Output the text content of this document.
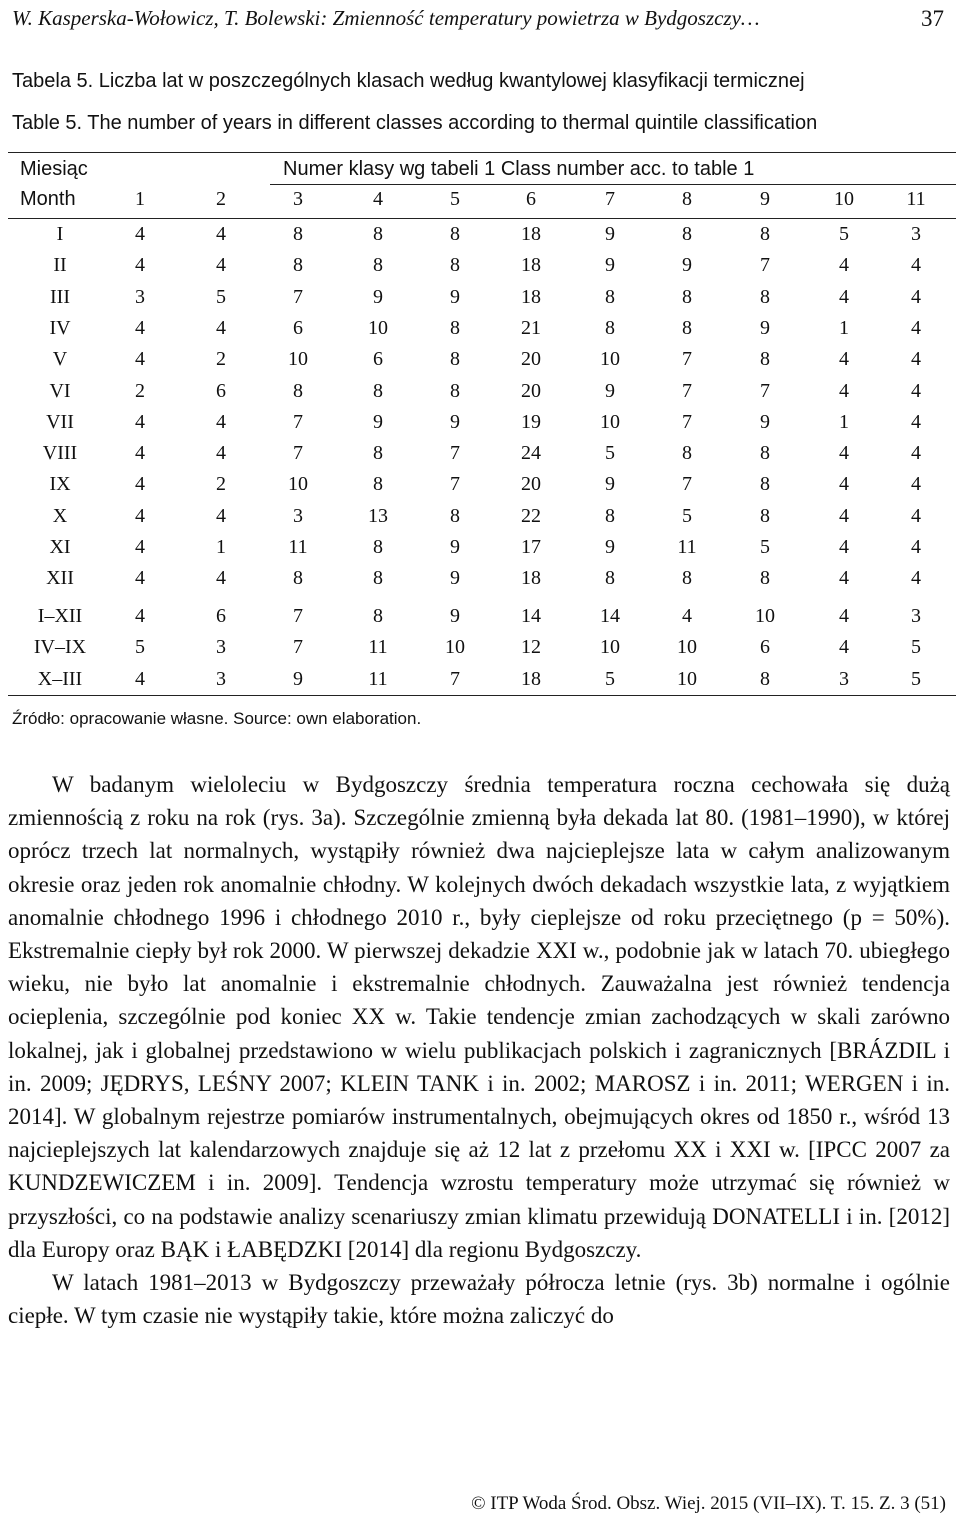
W. Kasperska-Wołowicz, T. Bolewski: Zmienność temperatury powietrza w Bydgoszczy…	37
Tabela 5. Liczba lat w poszczególnych klasach według kwantylowej klasyfikacji termicznej
Table 5. The number of years in different classes according to thermal quintile classification
Miesiąc
Month
Numer klasy wg tabeli 1 Class number acc. to table 1
1	2	3	4	5	6	7	8	9	10	11
I	4	4	8	8	8	18	9	8	8	5	3
II	4	4	8	8	8	18	9	9	7	4	4
III	3	5	7	9	9	18	8	8	8	4	4
IV	4	4	6	10	8	21	8	8	9	1	4
V	4	2	10	6	8	20	10	7	8	4	4
VI	2	6	8	8	8	20	9	7	7	4	4
VII	4	4	7	9	9	19	10	7	9	1	4
VIII	4	4	7	8	7	24	5	8	8	4	4
IX	4	2	10	8	7	20	9	7	8	4	4
X	4	4	3	13	8	22	8	5	8	4	4
XI	4	1	11	8	9	17	9	11	5	4	4
XII	4	4	8	8	9	18	8	8	8	4	4
I–XII	4	6	7	8	9	14	14	4	10	4	3
IV–IX 5	3	7	11	10	12	10	10	6	4	5
X–III	4	3	9	11	7	18	5	10	8	3	5
Źródło: opracowanie własne. Source: own elaboration.

W badanym wieloleciu w Bydgoszczy średnia temperatura roczna cechowała się dużą zmiennością z roku na rok (rys. 3a). Szczególnie zmienną była dekada lat 80. (1981–1990), w której oprócz trzech lat normalnych, wystąpiły również dwa najcieplejsze lata w całym analizowanym okresie oraz jeden rok anomalnie chłodny. W kolejnych dwóch dekadach wszystkie lata, z wyjątkiem anomalnie chłodnego 1996 i chłodnego 2010 r., były cieplejsze od roku przeciętnego (p = 50%). Ekstremalnie ciepły był rok 2000. W pierwszej dekadzie XXI w., podobnie jak w latach 70. ubiegłego wieku, nie było lat anomalnie i ekstremalnie chłodnych. Zauważalna jest również tendencja ocieplenia, szczególnie pod koniec XX w. Takie tendencje zmian zachodzących w skali zarówno lokalnej, jak i globalnej przedstawiono w wielu publikacjach polskich i zagranicznych [BRÁZDIL i in. 2009; JĘDRYS, LEŚNY 2007; KLEIN TANK i in. 2002; MAROSZ i in. 2011; WERGEN i in. 2014]. W globalnym rejestrze pomiarów instrumentalnych, obejmujących okres od 1850 r., wśród 13 najcieplejszych lat kalendarzowych znajduje się aż 12 lat z przełomu XX i XXI w. [IPCC 2007 za KUNDZEWICZEM i in. 2009]. Tendencja wzrostu temperatury może utrzymać się również w przyszłości, co na podstawie analizy scenariuszy zmian klimatu przewidują DONATELLI i in. [2012] dla Europy oraz BĄK i ŁABĘDZKI [2014] dla regionu Bydgoszczy.

W latach 1981–2013 w Bydgoszczy przeważały półrocza letnie (rys. 3b) normalne i ogólnie ciepłe. W tym czasie nie wystąpiły takie, które można zaliczyć do

© ITP Woda Środ. Obsz. Wiej. 2015 (VII–IX). T. 15. Z. 3 (51)
